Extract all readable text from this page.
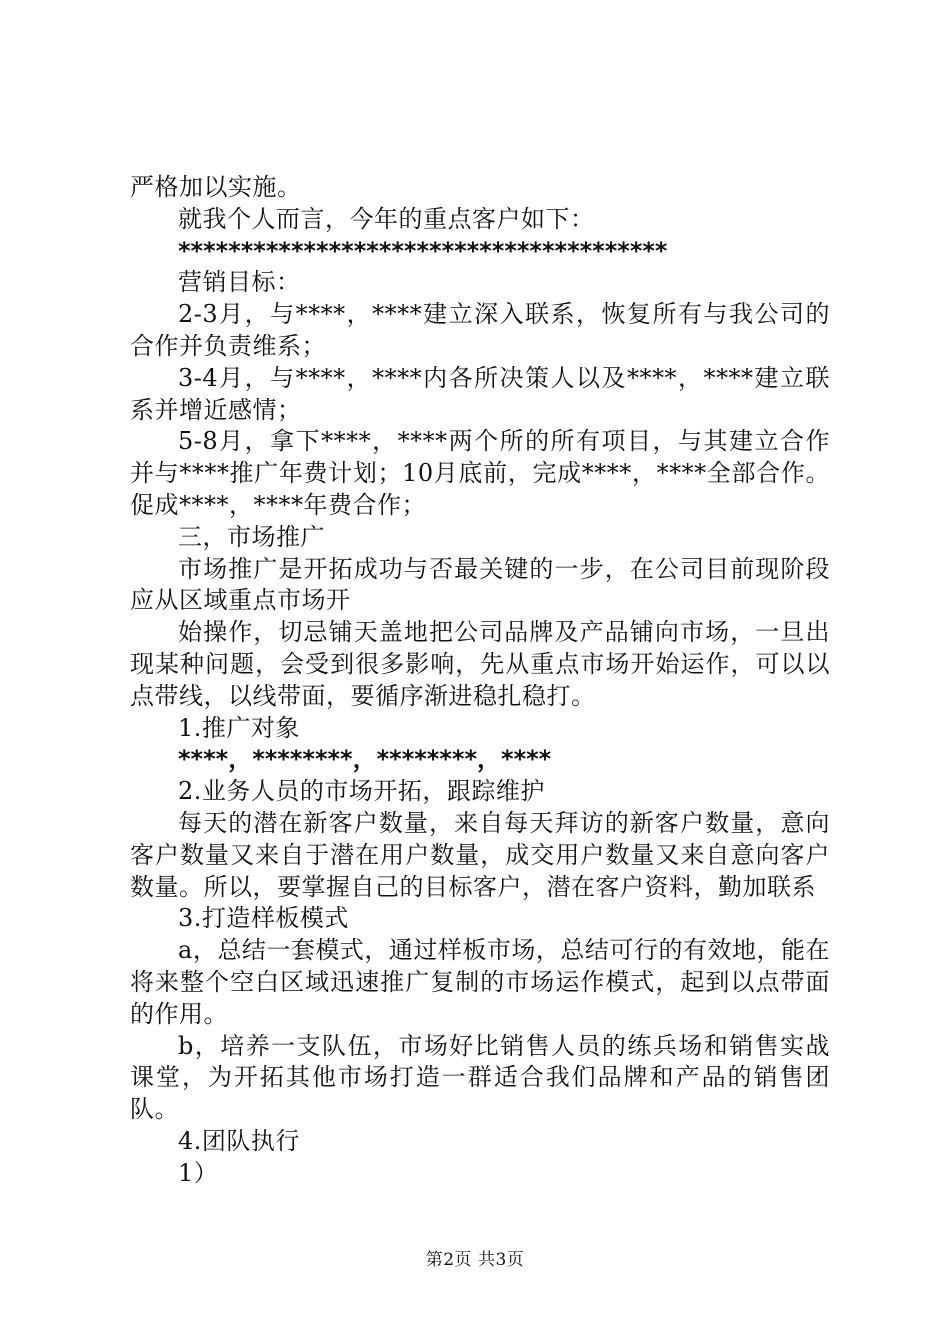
严格加以实施。

就我个人而言，今年的重点客户如下：

***************************************

营销目标：

2-3月，与****，****建立深入联系，恢复所有与我公司的合作并负责维系；

3-4月，与****，****内各所决策人以及****，****建立联系并增近感情；

5-8月，拿下****，****两个所的所有项目，与其建立合作并与****推广年费计划；10月底前，完成****，****全部合作。促成****，****年费合作；

三，市场推广

市场推广是开拓成功与否最关键的一步，在公司目前现阶段应从区域重点市场开

始操作，切忌铺天盖地把公司品牌及产品铺向市场，一旦出现某种问题，会受到很多影响，先从重点市场开始运作，可以以点带线，以线带面，要循序渐进稳扎稳打。

1.推广对象

****，********，********，****

2.业务人员的市场开拓，跟踪维护

每天的潜在新客户数量，来自每天拜访的新客户数量，意向客户数量又来自于潜在用户数量，成交用户数量又来自意向客户数量。所以，要掌握自己的目标客户，潜在客户资料，勤加联系

3.打造样板模式

a，总结一套模式，通过样板市场，总结可行的有效地，能在将来整个空白区域迅速推广复制的市场运作模式，起到以点带面的作用。

b，培养一支队伍，市场好比销售人员的练兵场和销售实战课堂，为开拓其他市场打造一群适合我们品牌和产品的销售团队。

4.团队执行

1）

第2页 共3页
